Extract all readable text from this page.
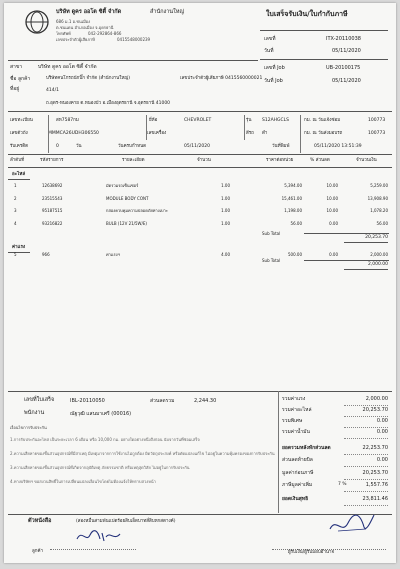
บริษัท ดูคร ออโต ซิตี้ จำกัด	สำนักงานใหญ่
686 ม.1 อ.ชนเมือง
ต.ชนแดน อำเภอเมือง จ.อุดรธานี
โทรศัพท์	042-292864-866
เลขประจำตัวผู้เสียภาษี	0415548000239
ใบเสร็จรับเงิน/ใบกำกับภาษี
เลขที่	ITX-20110038
วันที่	05/11/2020
สาขา	บริษัท ดูคร ออโต ซิตี้ จำกัด	เลขที่ Job	UB-20100175
ชื่อ ลูกค้า	บริษัทคนโกรถนักบิ๊ก จำกัด (สำนักงานใหญ่)	เลขประจำตัวผู้เสียภาษี 0415560000021 วันที่ Job	05/11/2020
ที่อยู่	414/1
ถ.อุดร-หนองคาย ต.หนองบัว อ.เมืองอุดรธานี จ.อุดรธานี 41000
เลขทะเบียน	สห7587กม	ยี่ห้อ	CHEVROLET	รุ่น S12AHGCLS	กม. ณ วันแจ้งซ่อม	100773
เลขตัวถัง	MMMCA26UDH306550	เลขเครื่อง	สีรถ ดำ	กม. ณ วันส่งมอบรถ	100773
รับเครดิต	0	วัน	วันครบกำหนด	05/11/2020	วันที่พิมพ์	05/11/2020 13:51:39
ลำดับที่	รหัสรายการ	รายละเอียด	จำนวน	ราคาต่อหน่วย	% ส่วนลด	จำนวนเงิน
อะไหล่
1	12638692	มัดรวมรถเซ็นเซอร์	1.00	5,394.00	10.00	5,259.00
2	23515543	MODULE BODY CONT	1.00	15,461.00	10.00	13,908.90
3	95187515	กล่องควบคุมความปลอดภัยทางเบาะ	1.00	1,198.00	10.00	1,078.20
4	93216822	BULB (12V 21/5W/E)	1.00	56.00	0.00	56.00
Sub Total
20,253.70
ค่าแรง
5	966	ค่าแรงฯ	4.00	500.00	0.00	2,000.00
Sub Total
2,000.00
เลขที่ใบเสร็จ	IBL-20110050	ส่วนลดรวม	2,244.30
พนักงาน	ณัฐวุฒิ แสนมาเศรี (00016)
เงื่อนไขการรับประกัน
1.การรับประกันอะไหล่ เป็นระยะเวลา 6 เดือน หรือ 10,000 กม. อย่างใดอย่างหนึ่งถึงก่อน นับจากวันที่ซ่อมเสร็จ
2.ความเสียหายของชิ้นส่วนอุปกรณ์ที่มีสาเหตุ มีเหตุมาจากการใช้งานไม่ถูกต้อง ผิดวัตถุประสงค์ หรือดัดแปลงแก้ไข ไม่อยู่ในความคุ้มครองของการรับประกัน
3.ความเสียหายของชิ้นส่วนอุปกรณ์ที่เกิดจากอุบัติเหตุ ภัยธรรมชาติ หรือเหตุสุดวิสัย ไม่อยู่ในการรับประกัน
4.ทางบริษัทฯ ขอสงวนสิทธิ์ในการเปลี่ยนแปลงเงื่อนไขโดยไม่ต้องแจ้งให้ทราบล่วงหน้า
รวมค่าแรง	2,000.00
รวมค่าอะไหล่	20,253.70
รวมพิเศษ	0.00
รวมค่าน้ำมัน	0.00
ยอดรวมหลังหักส่วนลด	22,253.70
ส่วนลดท้ายบิล	0.00
มูลค่าก่อนภาษี	20,253.70
ภาษีมูลค่าเพิ่ม	7 %	1,557.76
ยอดเงินสุทธิ	23,811.46
ตัวหนังสือ	(สองหมื่นสามพันแปดร้อยสิบเอ็ดบาทสี่สิบหกสตางค์)
ลูกค้า	ผู้รับเงิน/ผู้รับมอบอำนาจ
